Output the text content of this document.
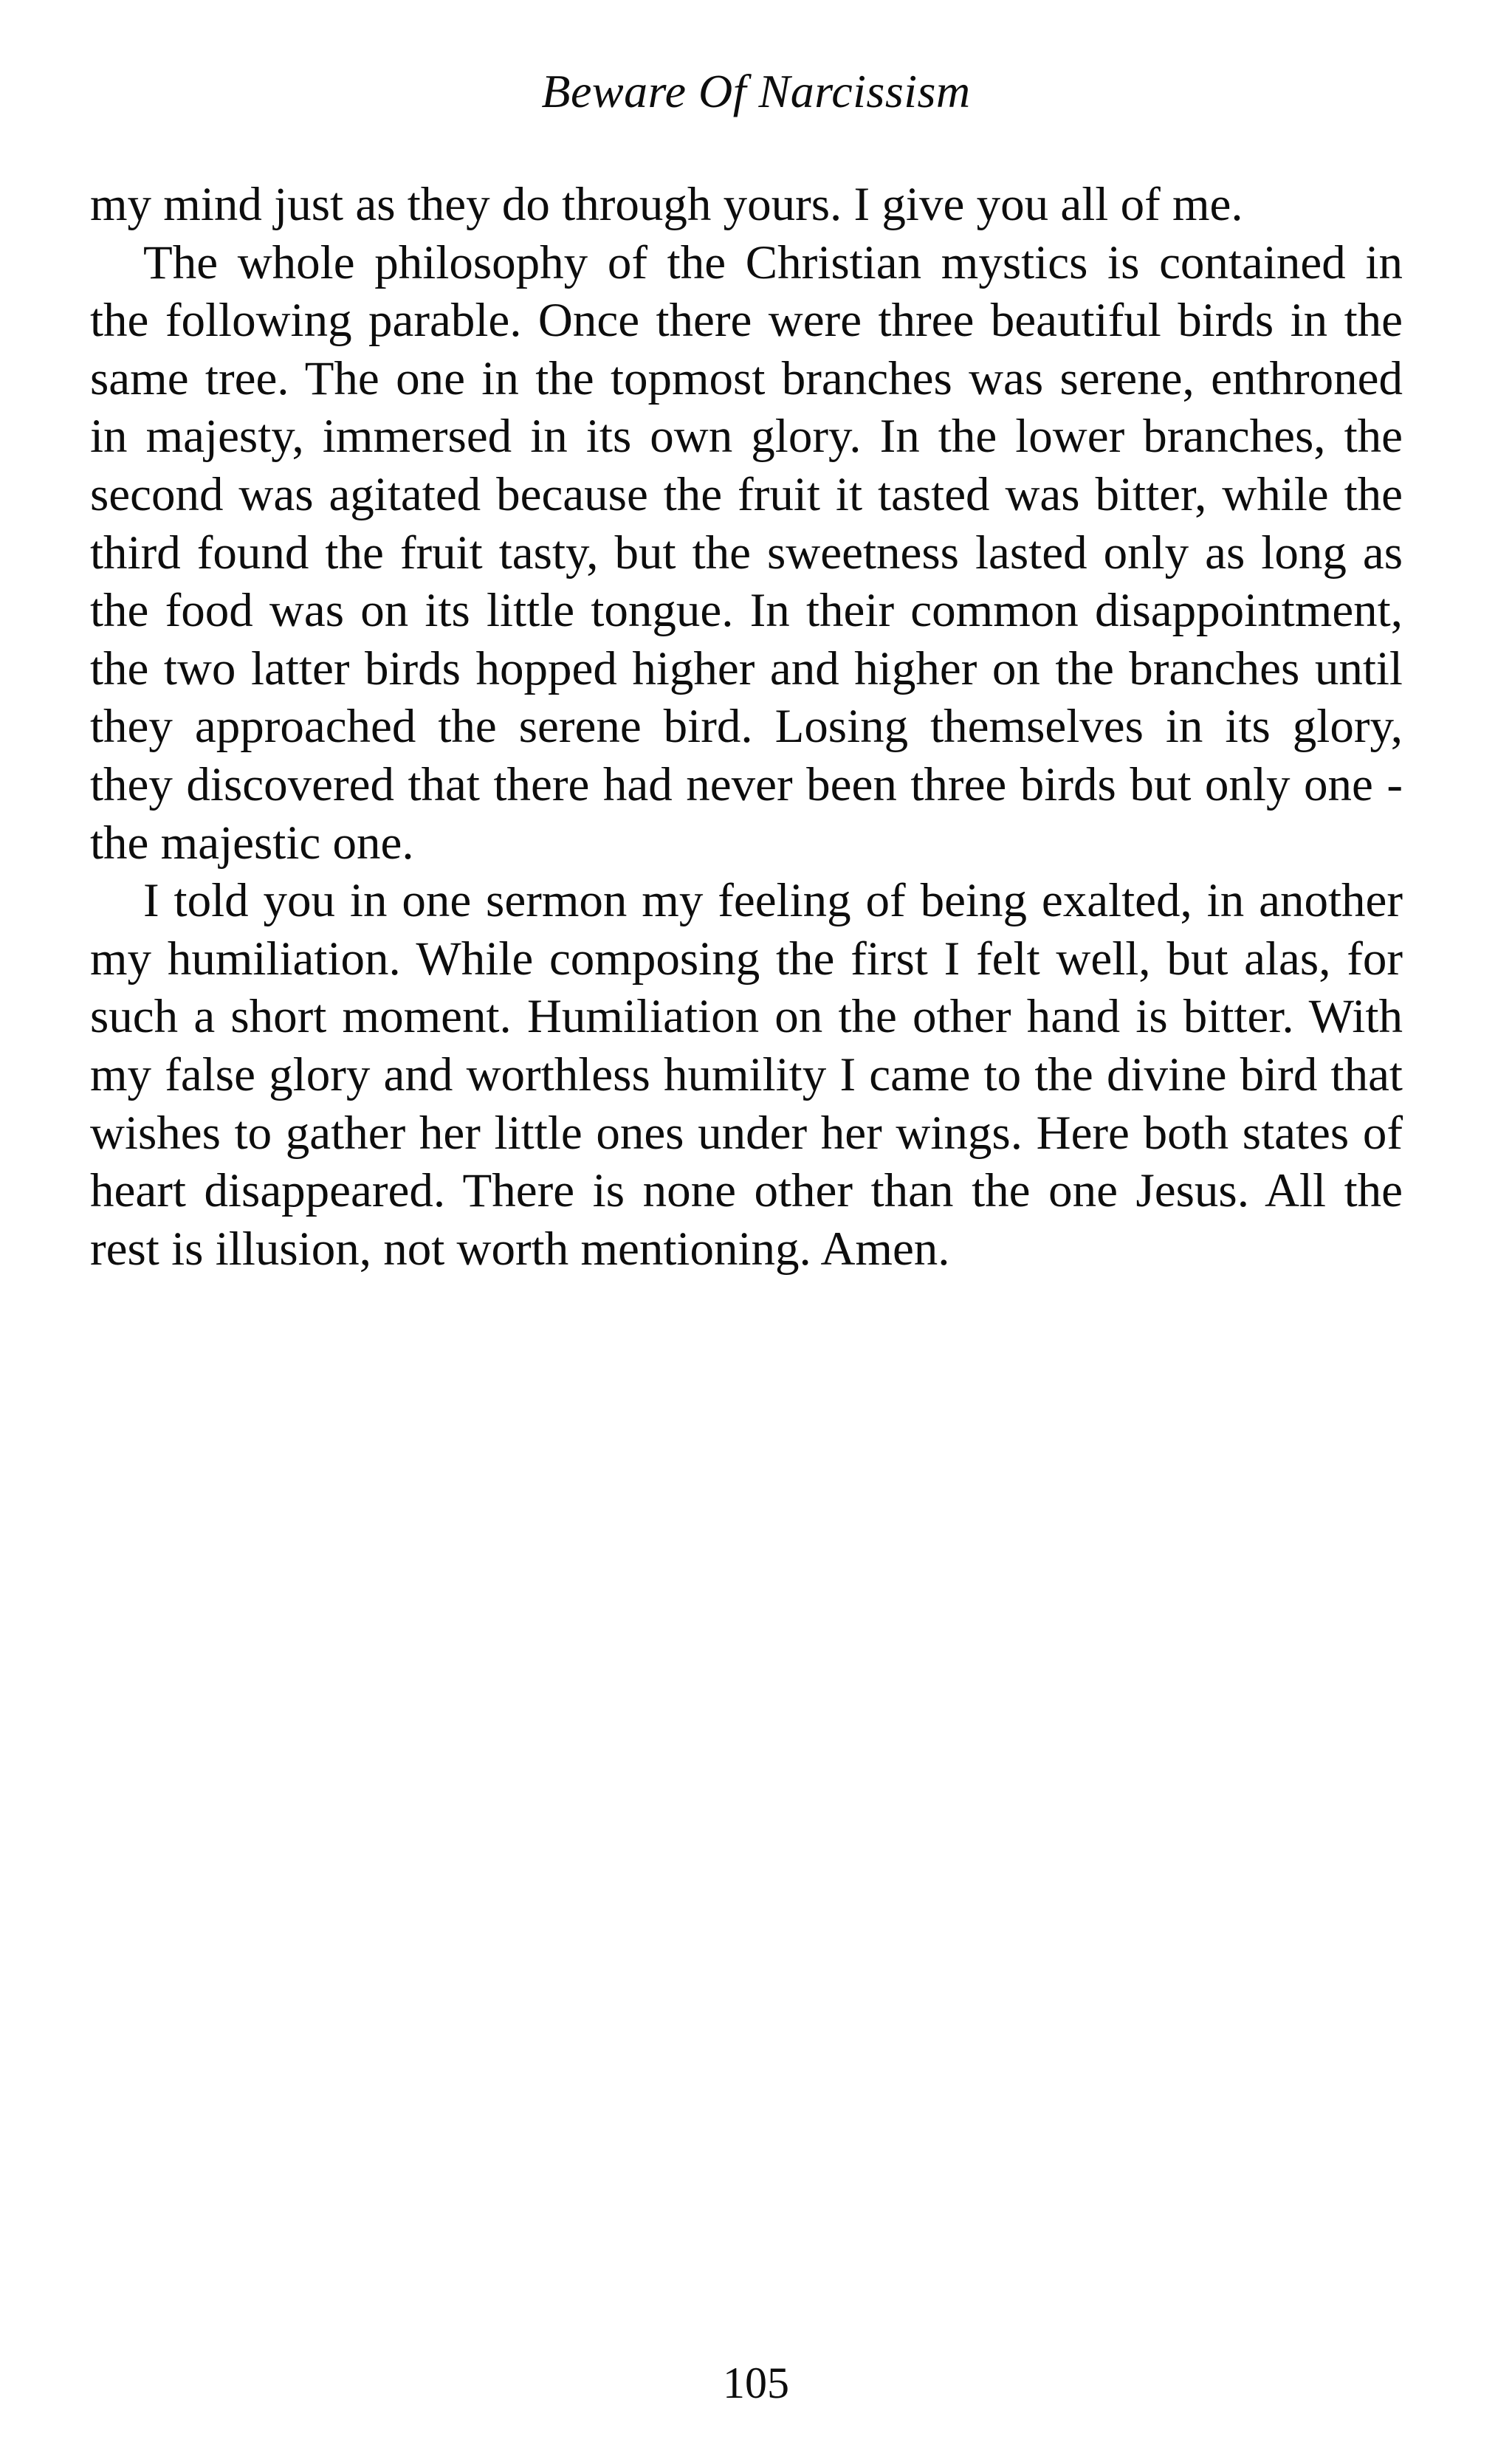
Beware Of Narcissism

my mind just as they do through yours. I give you all of me.

The whole philosophy of the Christian mystics is contained in the following parable. Once there were three beautiful birds in the same tree. The one in the topmost branches was serene, enthroned in majesty, immersed in its own glory. In the lower branches, the second was agitated because the fruit it tasted was bitter, while the third found the fruit tasty, but the sweetness lasted only as long as the food was on its little tongue. In their common disappointment, the two latter birds hopped higher and higher on the branches until they approached the serene bird. Losing themselves in its glory, they discovered that there had never been three birds but only one - the majestic one.

I told you in one sermon my feeling of being exalted, in another my humiliation. While composing the first I felt well, but alas, for such a short moment. Humiliation on the other hand is bitter. With my false glory and worthless humility I came to the divine bird that wishes to gather her little ones under her wings. Here both states of heart disappeared. There is none other than the one Jesus. All the rest is illusion, not worth mentioning. Amen.

105
